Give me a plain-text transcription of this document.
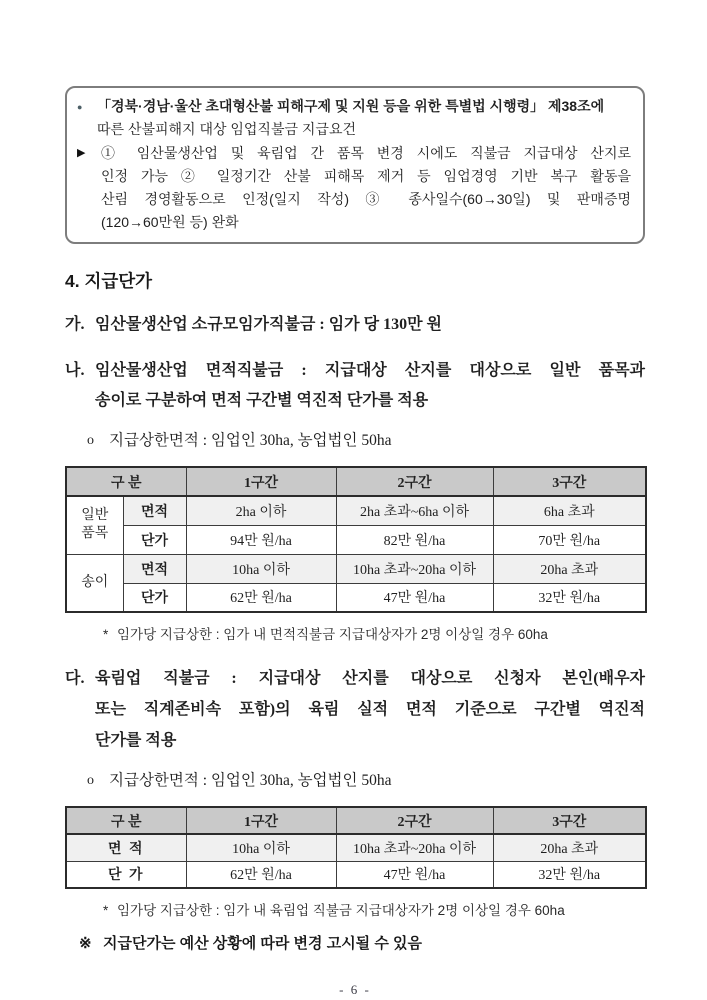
●	「경북·경남·울산 초대형산불 피해구제 및 지원 등을 위한 특별법 시행령」 제38조에
따른 산불피해지 대상 임업직불금 지급요건
▶	① 임산물생산업 및 육림업 간 품목 변경 시에도 직불금 지급대상 산지로
인정 가능 ② 일정기간 산불 피해목 제거 등 임업경영 기반 복구 활동을
산림 경영활동으로 인정(일지 작성) ③ 종사일수(60→30일) 및 판매증명
(120→60만원 등) 완화
4. 지급단가
가. 임산물생산업 소규모임가직불금 : 임가 당 130만 원
나. 임산물생산업 면적직불금 : 지급대상 산지를 대상으로 일반 품목과
송이로 구분하여 면적 구간별 역진적 단가를 적용
o 지급상한면적 : 임업인 30ha, 농업법인 50ha
구 분		1구간	2구간	3구간
일반 품목	면적	2ha 이하	2ha 초과~6ha 이하	6ha 초과
	단가	94만 원/ha	82만 원/ha	70만 원/ha
송이	면적	10ha 이하	10ha 초과~20ha 이하	20ha 초과
	단가	62만 원/ha	47만 원/ha	32만 원/ha
* 임가당 지급상한 : 임가 내 면적직불금 지급대상자가 2명 이상일 경우 60ha
다. 육림업 직불금 : 지급대상 산지를 대상으로 신청자 본인(배우자
또는 직계존비속 포함)의 육림 실적 면적 기준으로 구간별 역진적
단가를 적용
o 지급상한면적 : 임업인 30ha, 농업법인 50ha
구 분	1구간	2구간	3구간
면 적	10ha 이하	10ha 초과~20ha 이하	20ha 초과
단 가	62만 원/ha	47만 원/ha	32만 원/ha
* 임가당 지급상한 : 임가 내 육림업 직불금 지급대상자가 2명 이상일 경우 60ha
※ 지급단가는 예산 상황에 따라 변경 고시될 수 있음
- 6 -
